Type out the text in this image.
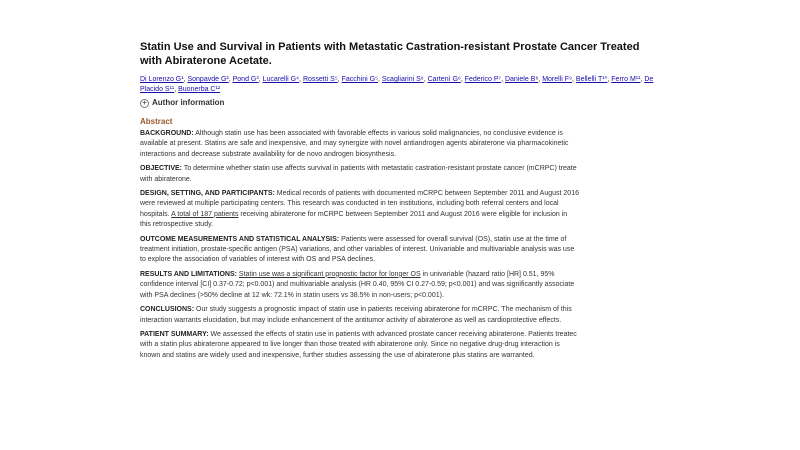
Statin Use and Survival in Patients with Metastatic Castration-resistant Prostate Cancer Treated
with Abiraterone Acetate.
Di Lorenzo G¹, Sonpavde G², Pond G³, Lucarelli G⁴, Rossetti S⁵, Facchini G⁵, Scagliarini S⁶, Cartenì G⁶, Federico P⁷, Daniele B⁸, Morelli F⁹, Bellelli T¹⁰, Ferro M¹¹, De Placido S¹¹, Buonerba C¹²
+ Author information
Abstract
BACKGROUND: Although statin use has been associated with favorable effects in various solid malignancies, no conclusive evidence is
available at present. Statins are safe and inexpensive, and may synergize with novel antiandrogen agents abiraterone via pharmacokinetic
interactions and decrease substrate availability for de novo androgen biosynthesis.
OBJECTIVE: To determine whether statin use affects survival in patients with metastatic castration-resistant prostate cancer (mCRPC) treate
with abiraterone.
DESIGN, SETTING, AND PARTICIPANTS: Medical records of patients with documented mCRPC between September 2011 and August 2016
were reviewed at multiple participating centers. This research was conducted in ten institutions, including both referral centers and local
hospitals. A total of 187 patients receiving abiraterone for mCRPC between September 2011 and August 2016 were eligible for inclusion in
this retrospective study.
OUTCOME MEASUREMENTS AND STATISTICAL ANALYSIS: Patients were assessed for overall survival (OS), statin use at the time of
treatment initiation, prostate-specific antigen (PSA) variations, and other variables of interest. Univariable and multivariable analysis was use
to explore the association of variables of interest with OS and PSA declines.
RESULTS AND LIMITATIONS: Statin use was a significant prognostic factor for longer OS in univariable (hazard ratio [HR] 0.51, 95%
confidence interval [CI] 0.37-0.72; p<0.001) and multivariable analysis (HR 0.40, 95% CI 0.27-0.59; p<0.001) and was significantly associate
with PSA declines (>50% decline at 12 wk: 72.1% in statin users vs 38.5% in non-users; p<0.001).
CONCLUSIONS: Our study suggests a prognostic impact of statin use in patients receiving abiraterone for mCRPC. The mechanism of this
interaction warrants elucidation, but may include enhancement of the antitumor activity of abiraterone as well as cardioprotective effects.
PATIENT SUMMARY: We assessed the effects of statin use in patients with advanced prostate cancer receiving abiraterone. Patients treatec
with a statin plus abiraterone appeared to live longer than those treated with abiraterone only. Since no negative drug-drug interaction is
known and statins are widely used and inexpensive, further studies assessing the use of abiraterone plus statins are warranted.
